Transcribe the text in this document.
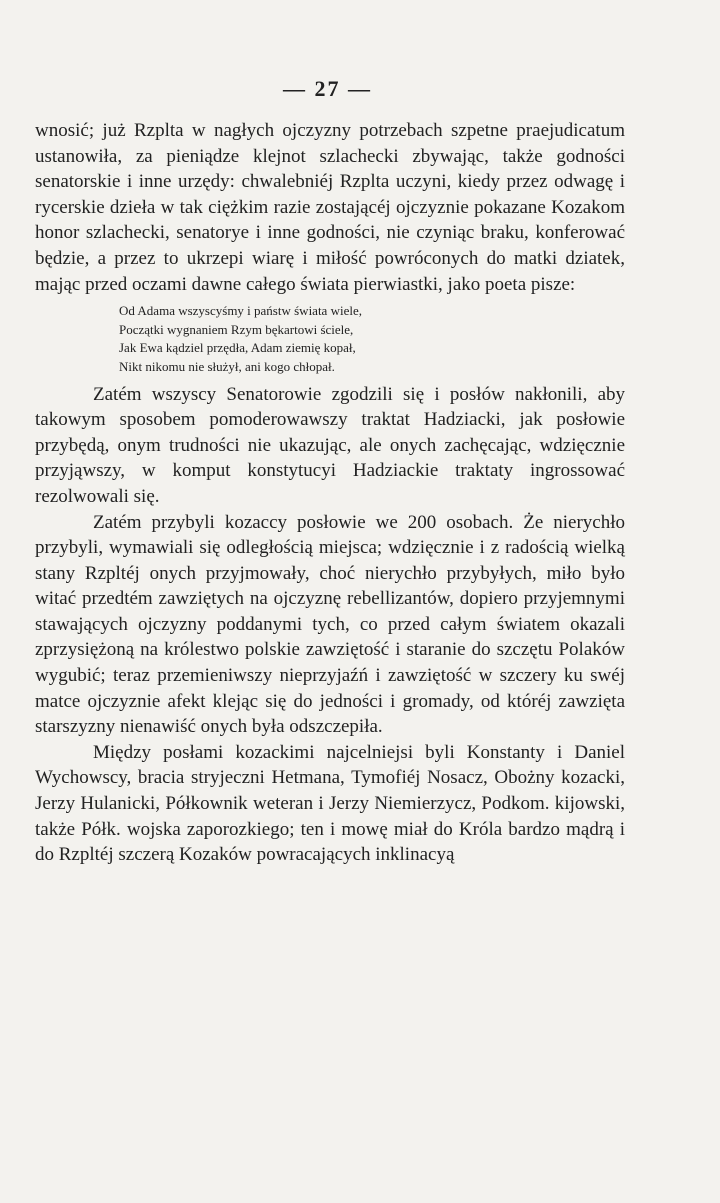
— 27 —

wnosić; już Rzplta w nagłych ojczyzny potrzebach szpetne praejudicatum ustanowiła, za pieniądze klejnot szlachecki zbywając, także godności senatorskie i inne urzędy: chwalebniéj Rzplta uczyni, kiedy przez odwagę i rycerskie dzieła w tak ciężkim razie zostającéj ojczyznie pokazane Kozakom honor szlachecki, senatorye i inne godności, nie czyniąc braku, konferować będzie, a przez to ukrzepi wiarę i miłość powróconych do matki dziatek, mając przed oczami dawne całego świata pierwiastki, jako poeta pisze:

Od Adama wszyscyśmy i państw świata wiele,
Początki wygnaniem Rzym bękartowi ściele,
Jak Ewa kądziel przędła, Adam ziemię kopał,
Nikt nikomu nie służył, ani kogo chłopał.

Zatém wszyscy Senatorowie zgodzili się i posłów nakłonili, aby takowym sposobem pomoderowawszy traktat Hadziacki, jak posłowie przybędą, onym trudności nie ukazując, ale onych zachęcając, wdzięcznie przyjąwszy, w komput konstytucyi Hadziackie traktaty ingrossować rezolwowali się.

Zatém przybyli kozaccy posłowie we 200 osobach. Że nierychło przybyli, wymawiali się odległością miejsca; wdzięcznie i z radością wielką stany Rzpltéj onych przyjmowały, choć nierychło przybyłych, miło było witać przedtém zawziętych na ojczyznę rebellizantów, dopiero przyjemnymi stawających ojczyzny poddanymi tych, co przed całym światem okazali zprzysiężoną na królestwo polskie zawziętość i staranie do szczętu Polaków wygubić; teraz przemieniwszy nieprzyjaźń i zawziętość w szczery ku swéj matce ojczyznie afekt klejąc się do jedności i gromady, od któréj zawzięta starszyzny nienawiść onych była odszczepiła.

Między posłami kozackimi najcelniejsi byli Konstanty i Daniel Wychowscy, bracia stryjeczni Hetmana, Tymofiéj Nosacz, Obożny kozacki, Jerzy Hulanicki, Półkownik weteran i Jerzy Niemierzycz, Podkom. kijowski, także Półk. wojska zaporozkiego; ten i mowę miał do Króla bardzo mądrą i do Rzpltéj szczerą Kozaków powracających inklinacyą
